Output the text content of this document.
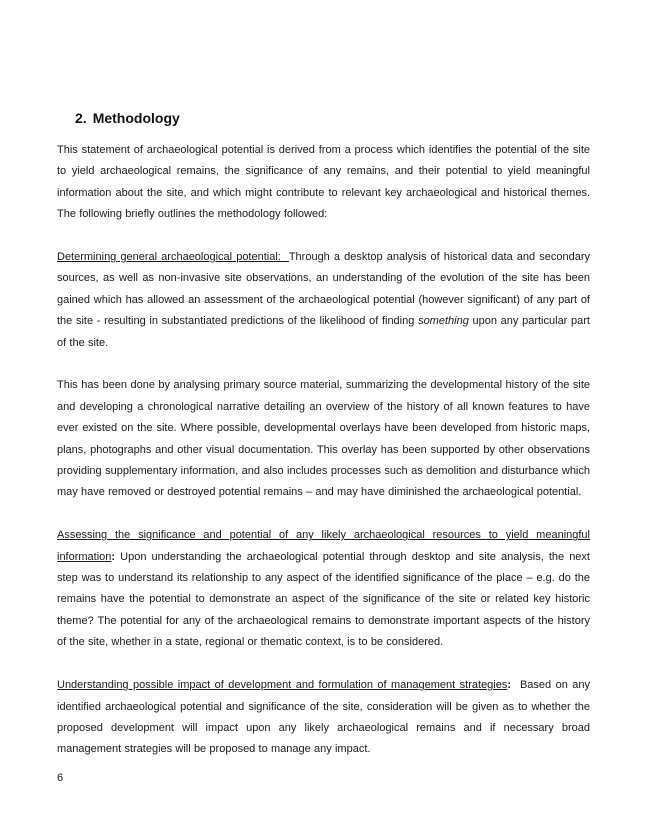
2. Methodology

This statement of archaeological potential is derived from a process which identifies the potential of the site to yield archaeological remains, the significance of any remains, and their potential to yield meaningful information about the site, and which might contribute to relevant key archaeological and historical themes. The following briefly outlines the methodology followed:

Determining general archaeological potential:  Through a desktop analysis of historical data and secondary sources, as well as non-invasive site observations, an understanding of the evolution of the site has been gained which has allowed an assessment of the archaeological potential (however significant) of any part of the site - resulting in substantiated predictions of the likelihood of finding something upon any particular part of the site.

This has been done by analysing primary source material, summarizing the developmental history of the site and developing a chronological narrative detailing an overview of the history of all known features to have ever existed on the site. Where possible, developmental overlays have been developed from historic maps, plans, photographs and other visual documentation. This overlay has been supported by other observations providing supplementary information, and also includes processes such as demolition and disturbance which may have removed or destroyed potential remains – and may have diminished the archaeological potential.

Assessing the significance and potential of any likely archaeological resources to yield meaningful information: Upon understanding the archaeological potential through desktop and site analysis, the next step was to understand its relationship to any aspect of the identified significance of the place – e.g. do the remains have the potential to demonstrate an aspect of the significance of the site or related key historic theme? The potential for any of the archaeological remains to demonstrate important aspects of the history of the site, whether in a state, regional or thematic context, is to be considered.

Understanding possible impact of development and formulation of management strategies:  Based on any identified archaeological potential and significance of the site, consideration will be given as to whether the proposed development will impact upon any likely archaeological remains and if necessary broad management strategies will be proposed to manage any impact.

6
